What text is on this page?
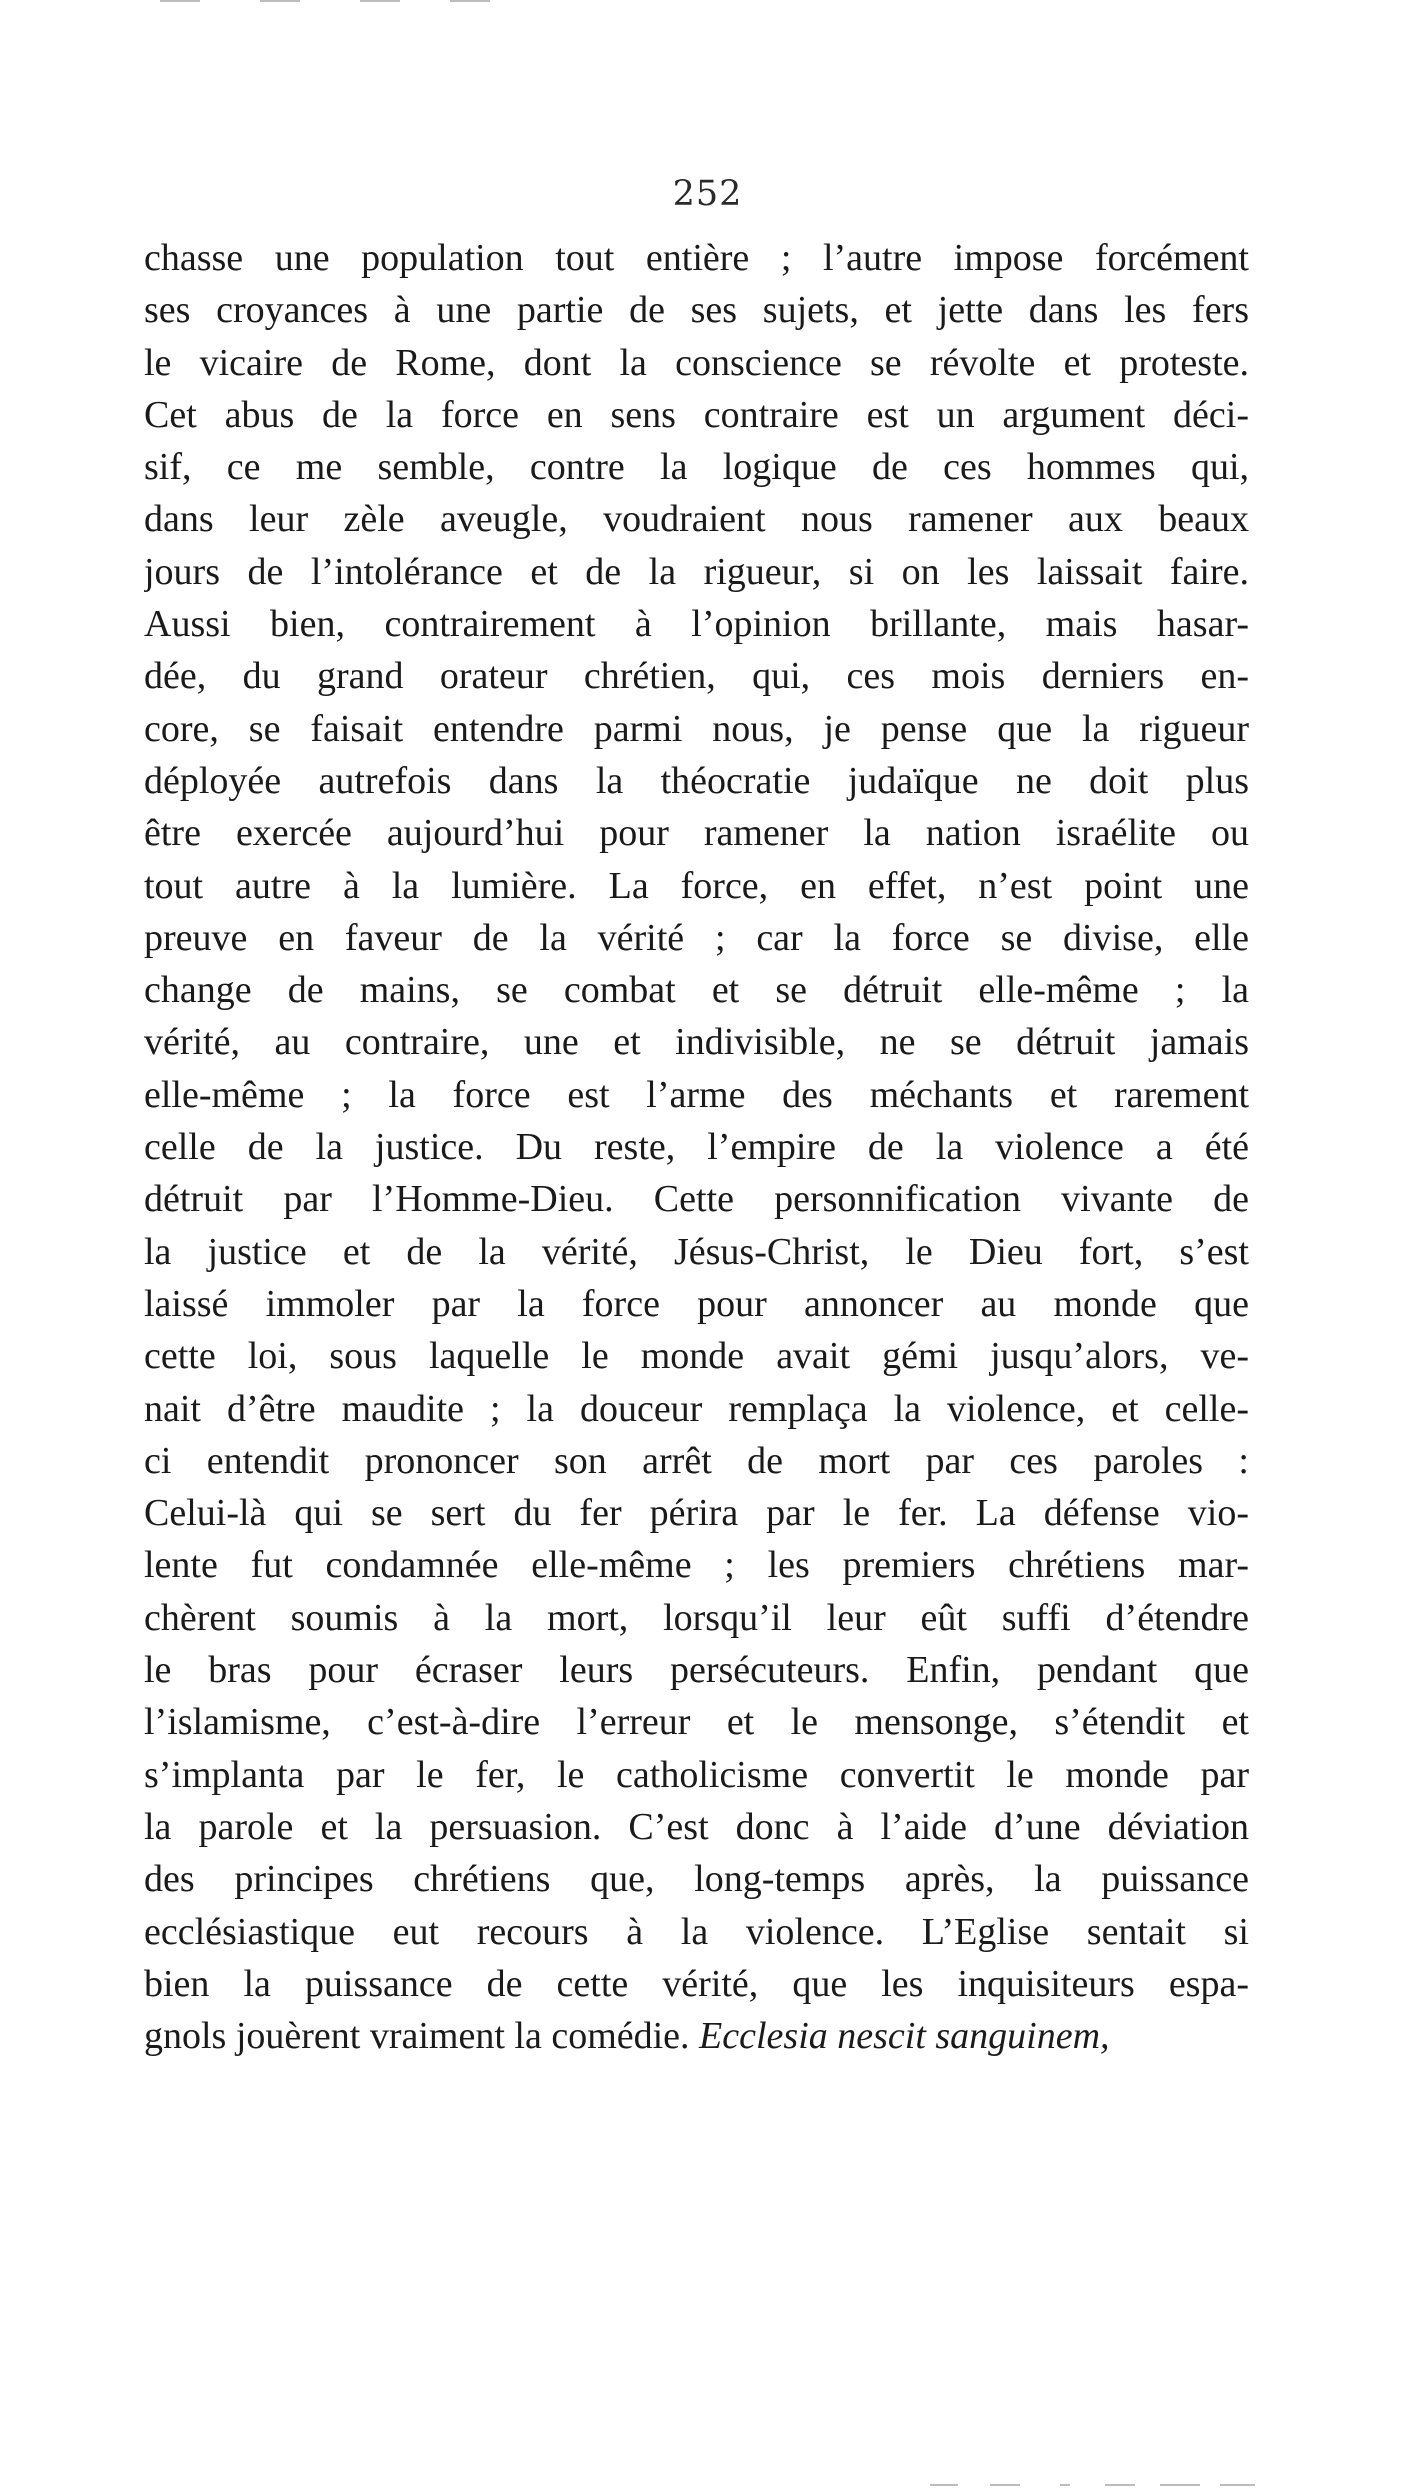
252
chasse une population tout entière ; l’autre impose forcément
ses croyances à une partie de ses sujets, et jette dans les fers
le vicaire de Rome, dont la conscience se révolte et proteste.
Cet abus de la force en sens contraire est un argument déci-
sif, ce me semble, contre la logique de ces hommes qui,
dans leur zèle aveugle, voudraient nous ramener aux beaux
jours de l’intolérance et de la rigueur, si on les laissait faire.
Aussi bien, contrairement à l’opinion brillante, mais hasar-
dée, du grand orateur chrétien, qui, ces mois derniers en-
core, se faisait entendre parmi nous, je pense que la rigueur
déployée autrefois dans la théocratie judaïque ne doit plus
être exercée aujourd’hui pour ramener la nation israélite ou
tout autre à la lumière. La force, en effet, n’est point une
preuve en faveur de la vérité ; car la force se divise, elle
change de mains, se combat et se détruit elle-même ; la
vérité, au contraire, une et indivisible, ne se détruit jamais
elle-même ; la force est l’arme des méchants et rarement
celle de la justice. Du reste, l’empire de la violence a été
détruit par l’Homme-Dieu. Cette personnification vivante de
la justice et de la vérité, Jésus-Christ, le Dieu fort, s’est
laissé immoler par la force pour annoncer au monde que
cette loi, sous laquelle le monde avait gémi jusqu’alors, ve-
nait d’être maudite ; la douceur remplaça la violence, et celle-
ci entendit prononcer son arrêt de mort par ces paroles :
Celui-là qui se sert du fer périra par le fer. La défense vio-
lente fut condamnée elle-même ; les premiers chrétiens mar-
chèrent soumis à la mort, lorsqu’il leur eût suffi d’étendre
le bras pour écraser leurs persécuteurs. Enfin, pendant que
l’islamisme, c’est-à-dire l’erreur et le mensonge, s’étendit et
s’implanta par le fer, le catholicisme convertit le monde par
la parole et la persuasion. C’est donc à l’aide d’une déviation
des principes chrétiens que, long-temps après, la puissance
ecclésiastique eut recours à la violence. L’Eglise sentait si
bien la puissance de cette vérité, que les inquisiteurs espa-
gnols jouèrent vraiment la comédie. Ecclesia nescit sanguinem,
